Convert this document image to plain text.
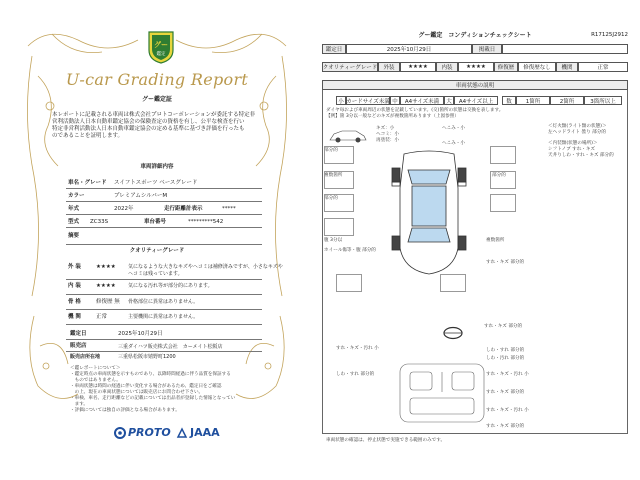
グー
鑑定
U-car Grading Report
グー鑑定証
本レポートに記載される車両は株式会社プロトコーポレーションが委託する特定非
営利活動法人日本自動車鑑定協会の保険査定の資格を有し、公平な検査を行い
特定非営利活動法人日本自動車鑑定協会の定める基準に基づき評価を行ったも
のであることを証明します。
車両詳細内容
車名・グレード スイフトスポーツ ベースグレード
カラー	プレミアムシルバーM
年式	2022年	走行距離計表示	*****
型式 ZC33S	車台番号	*********542
摘要
クオリティーグレード
外 装	★★★★ 気になるような大きなキズやヘコミは補修済みですが、小さなキズや
ヘコミは残っています。
内 装	★★★★ 気になる汚れ等が部分的にあります。
骨 格	修復歴 無 骨格部位に異常はありません。
機 関	正常	主要機関に異常はありません。
鑑定日	2025年10月29日
販売店	三重ダイハツ販売株式会社　カーメイト松阪店
販売店所在地	三重県松阪市嬉野町1200
＜鑑レポートについて＞
・鑑定時点の車両状態を示すものであり、以降時間経過に伴う品質を保証する
　ものではありません。
・車両状態は時間の経過に伴い変化する場合があるため、鑑定日をご確認
　の上、現在の車両状態については販売店にお問合わせ下さい。
・車検、車名、走行距離などの記載については出品者が登録した情報となってい
　ます。
・評価については独自の評価となる場合があります。
PROTO JAAA
グー鑑定　コンディションチェックシート	R17125J2912
鑑定日	2025年10月29日	掲載日
クオリティーグレード	外装	★★★★	内装	★★★★	修復歴	修復歴なし	機関	正常
車両状態の説明
小 カードサイズ未満 中	A4サイズ未満	大	A4サイズ以上	数	1箇所	2箇所	3箇所以上
ダイヤ毎および車両周辺の状態を記載しています。(交)箇所の状態は交換を表します。
【例】箇 3分以一般などのキズが複数箇所あります（上図参照）
キズ：小
ヘコミ：小
再塗装：小
へこみ・小
へこみ・小
部分的
複数箇所	部分的
部分的
腹 3分以
ホイール傷等・腹 部分的
複数箇所
すれ・キズ 部分的
＜灯火類(ライト類の状態)＞
左ヘッドライト 曇り 部分的
＜内装類(状態の場所)＞
シフトノブ すれ・キズ
天井りしわ・すれ・キズ 部分的
すれ・キズ 部分的
すれ・キズ・汚れ 小	しわ・すれ 部分的
しわ・汚れ 部分的
しわ・すれ 部分的	すれ・キズ・汚れ 小
すれ・キズ 部分的
すれ・キズ・汚れ 小
すれ・キズ 部分的
車両状態の確認は、停止状態で実施できる範囲のみです。
